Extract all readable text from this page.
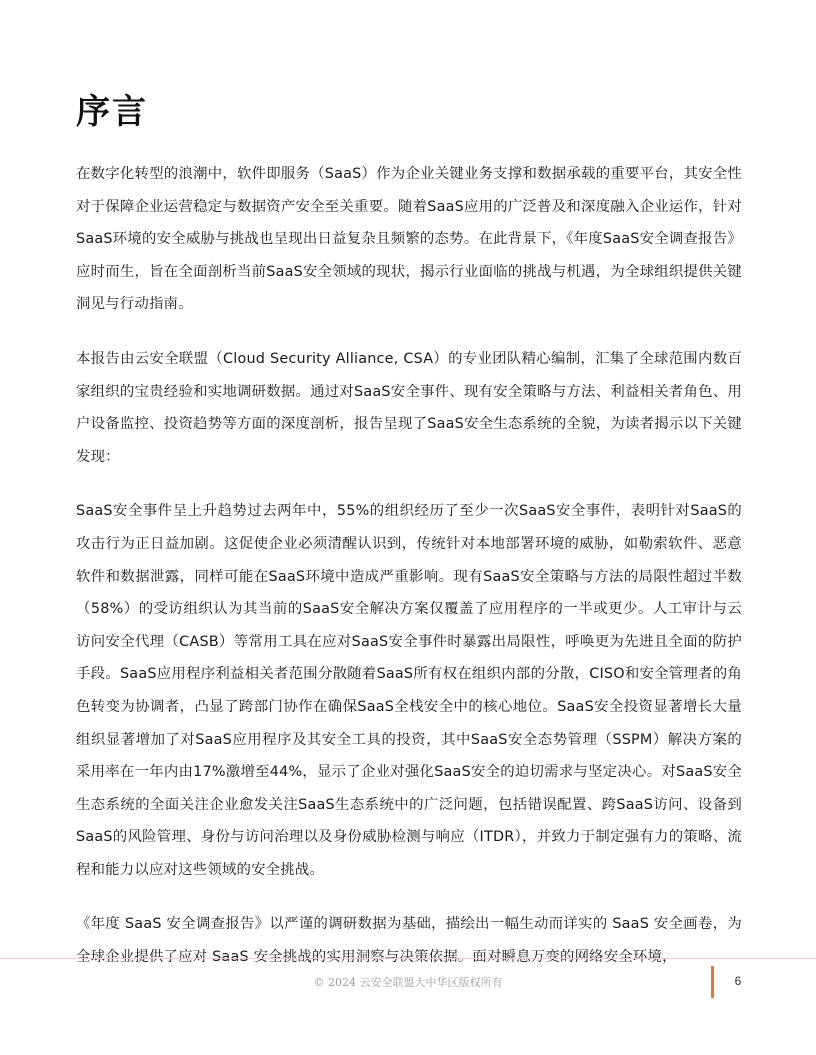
序言

在数字化转型的浪潮中，软件即服务（SaaS）作为企业关键业务支撑和数据承载的重要平台，其安全性对于保障企业运营稳定与数据资产安全至关重要。随着SaaS应用的广泛普及和深度融入企业运作，针对SaaS环境的安全威胁与挑战也呈现出日益复杂且频繁的态势。在此背景下，《年度SaaS安全调查报告》应时而生，旨在全面剖析当前SaaS安全领域的现状，揭示行业面临的挑战与机遇，为全球组织提供关键洞见与行动指南。

本报告由云安全联盟（Cloud Security Alliance, CSA）的专业团队精心编制，汇集了全球范围内数百家组织的宝贵经验和实地调研数据。通过对SaaS安全事件、现有安全策略与方法、利益相关者角色、用户设备监控、投资趋势等方面的深度剖析，报告呈现了SaaS安全生态系统的全貌，为读者揭示以下关键发现：

SaaS安全事件呈上升趋势过去两年中，55%的组织经历了至少一次SaaS安全事件，表明针对SaaS的攻击行为正日益加剧。这促使企业必须清醒认识到，传统针对本地部署环境的威胁，如勒索软件、恶意软件和数据泄露，同样可能在SaaS环境中造成严重影响。现有SaaS安全策略与方法的局限性超过半数（58%）的受访组织认为其当前的SaaS安全解决方案仅覆盖了应用程序的一半或更少。人工审计与云访问安全代理（CASB）等常用工具在应对SaaS安全事件时暴露出局限性，呼唤更为先进且全面的防护手段。SaaS应用程序利益相关者范围分散随着SaaS所有权在组织内部的分散，CISO和安全管理者的角色转变为协调者，凸显了跨部门协作在确保SaaS全栈安全中的核心地位。SaaS安全投资显著增长大量组织显著增加了对SaaS应用程序及其安全工具的投资，其中SaaS安全态势管理（SSPM）解决方案的采用率在一年内由17%激增至44%，显示了企业对强化SaaS安全的迫切需求与坚定决心。对SaaS安全生态系统的全面关注企业愈发关注SaaS生态系统中的广泛问题，包括错误配置、跨SaaS访问、设备到SaaS的风险管理、身份与访问治理以及身份威胁检测与响应（ITDR），并致力于制定强有力的策略、流程和能力以应对这些领域的安全挑战。

《年度 SaaS 安全调查报告》以严谨的调研数据为基础，描绘出一幅生动而详实的 SaaS 安全画卷，为全球企业提供了应对 SaaS 安全挑战的实用洞察与决策依据。面对瞬息万变的网络安全环境，

© 2024 云安全联盟大中华区版权所有	6
